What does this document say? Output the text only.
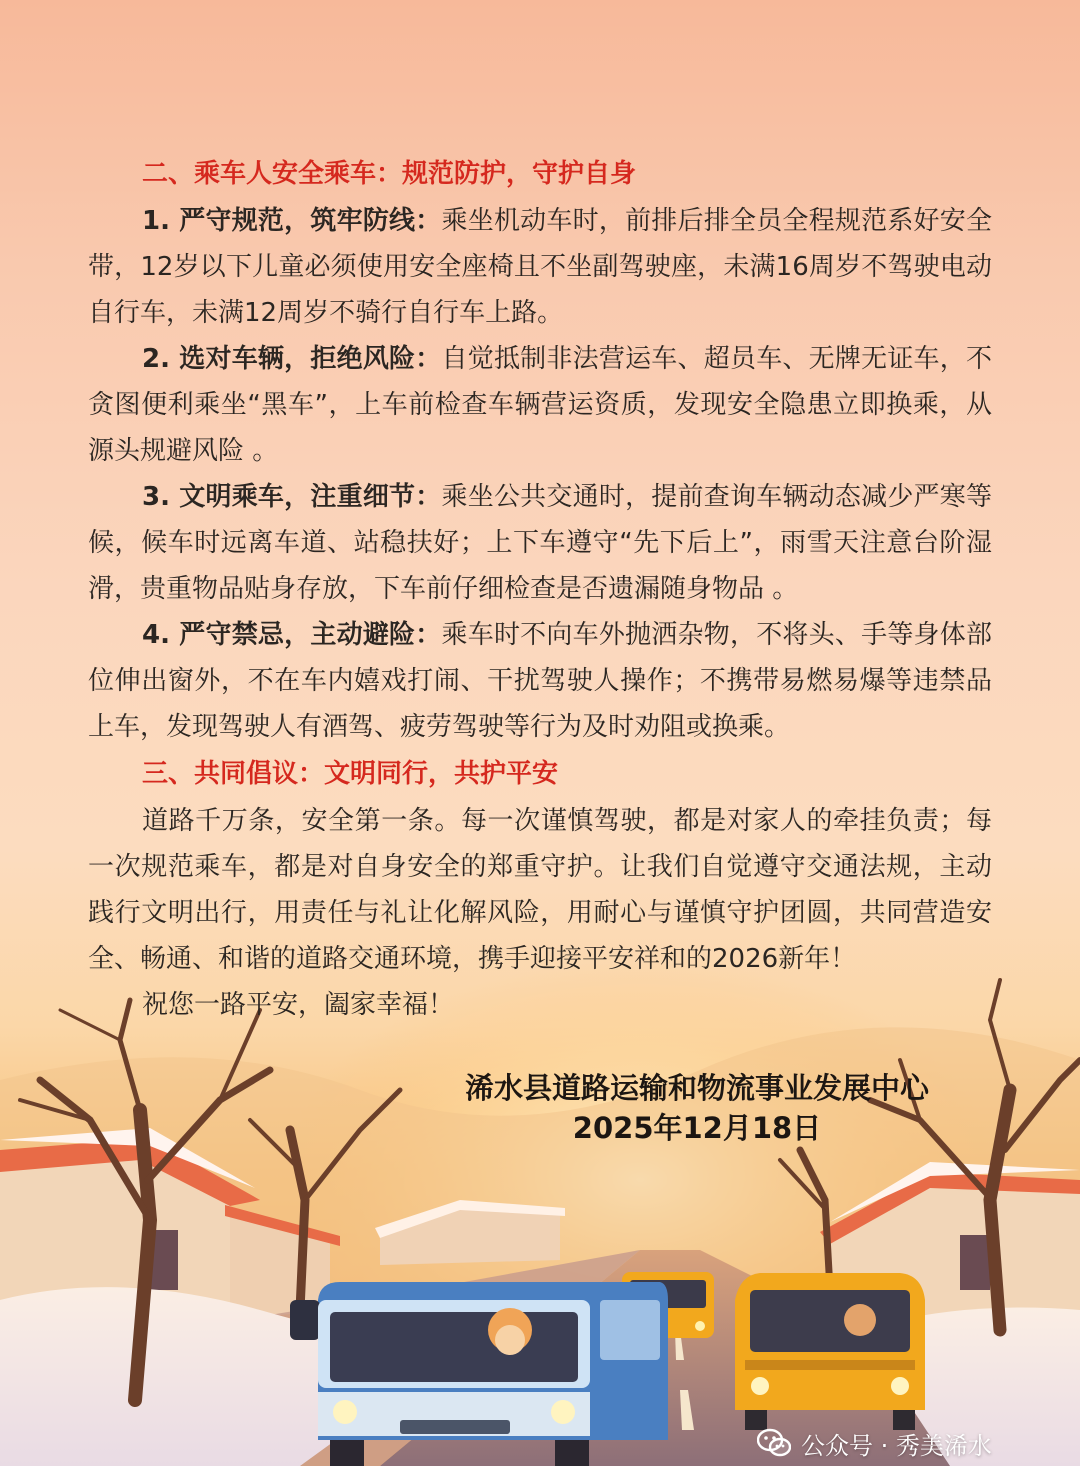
二、乘车人安全乘车：规范防护，守护自身

1. 严守规范，筑牢防线：乘坐机动车时，前排后排全员全程规范系好安全带，12岁以下儿童必须使用安全座椅且不坐副驾驶座，未满16周岁不驾驶电动自行车，未满12周岁不骑行自行车上路。

2. 选对车辆，拒绝风险：自觉抵制非法营运车、超员车、无牌无证车，不贪图便利乘坐“黑车”，上车前检查车辆营运资质，发现安全隐患立即换乘，从源头规避风险 。

3. 文明乘车，注重细节：乘坐公共交通时，提前查询车辆动态减少严寒等候，候车时远离车道、站稳扶好；上下车遵守“先下后上”，雨雪天注意台阶湿滑，贵重物品贴身存放，下车前仔细检查是否遗漏随身物品 。

4. 严守禁忌，主动避险：乘车时不向车外抛洒杂物，不将头、手等身体部位伸出窗外，不在车内嬉戏打闹、干扰驾驶人操作；不携带易燃易爆等违禁品上车，发现驾驶人有酒驾、疲劳驾驶等行为及时劝阻或换乘。

三、共同倡议：文明同行，共护平安

道路千万条，安全第一条。每一次谨慎驾驶，都是对家人的牵挂负责；每一次规范乘车，都是对自身安全的郑重守护。让我们自觉遵守交通法规，主动践行文明出行，用责任与礼让化解风险，用耐心与谨慎守护团圆，共同营造安全、畅通、和谐的道路交通环境，携手迎接平安祥和的2026新年！

祝您一路平安，阖家幸福！

浠水县道路运输和物流事业发展中心
2025年12月18日
公众号 · 秀美浠水
